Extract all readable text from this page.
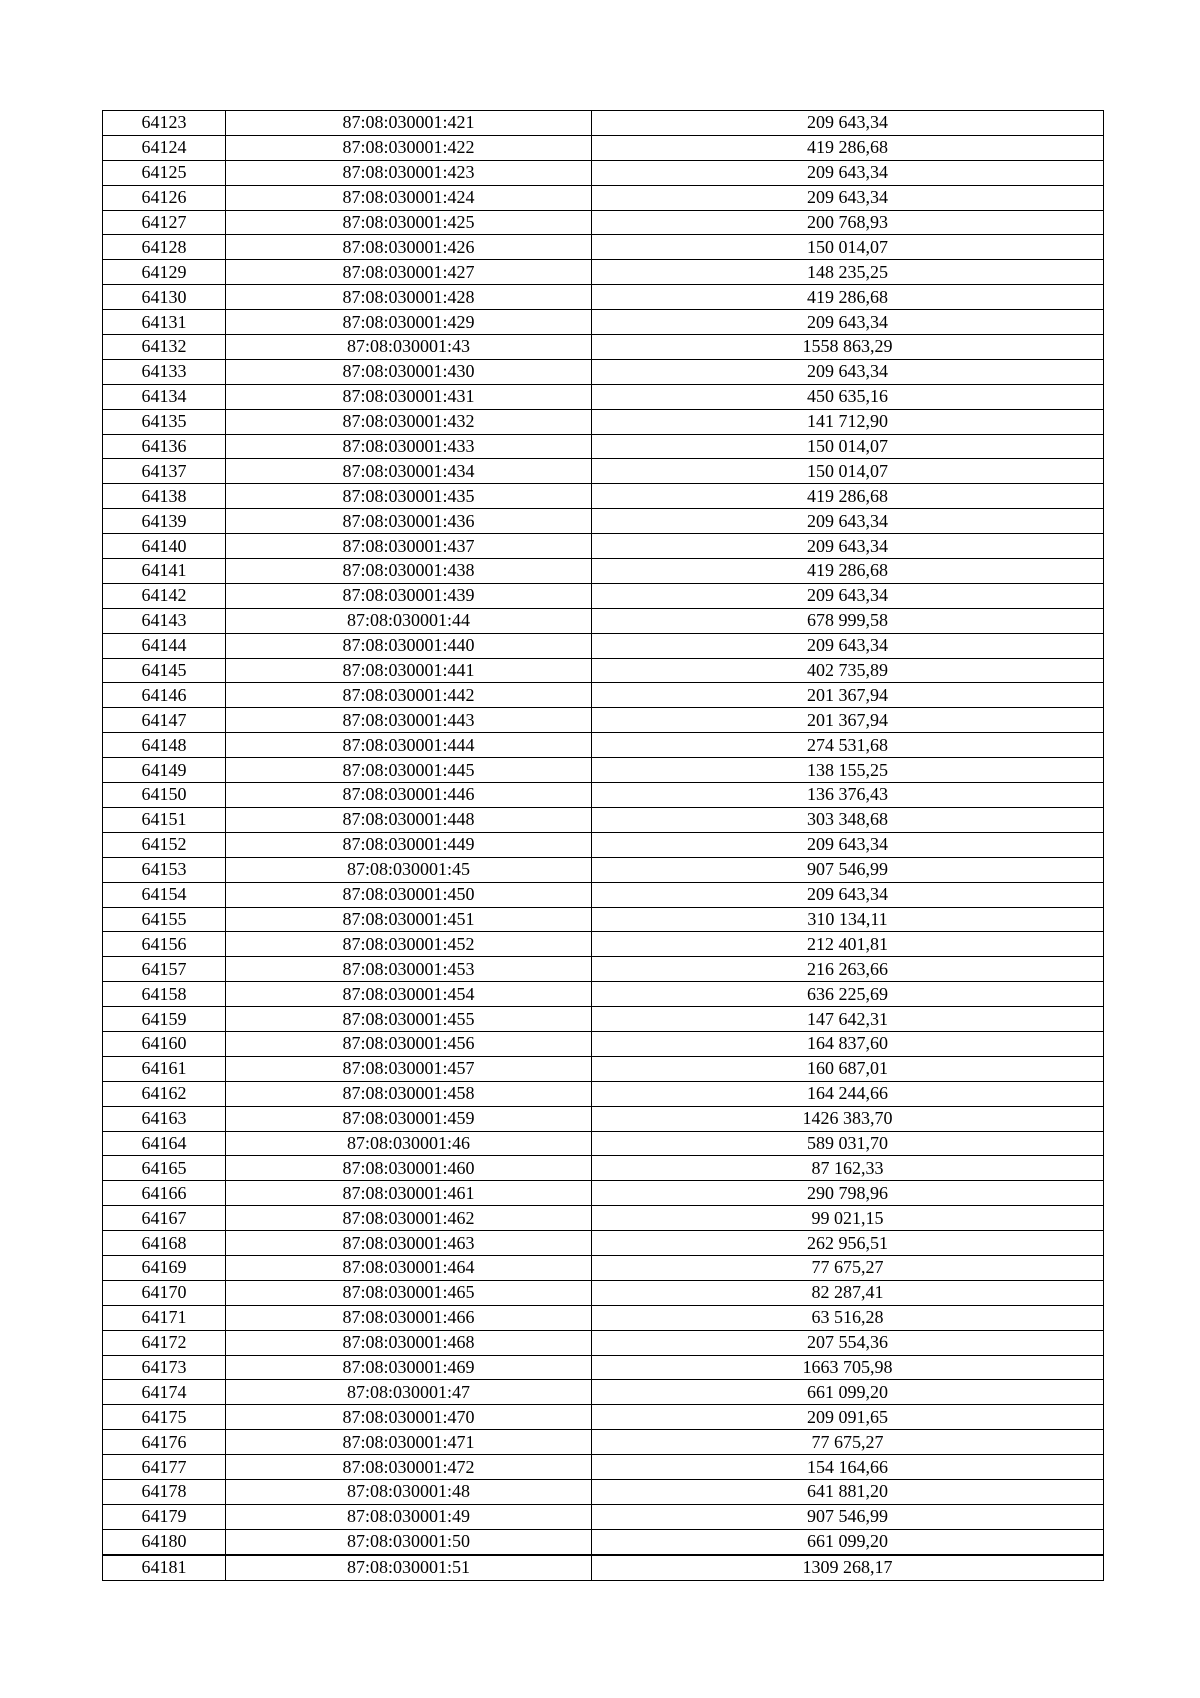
64123	87:08:030001:421	209 643,34
64124	87:08:030001:422	419 286,68
64125	87:08:030001:423	209 643,34
64126	87:08:030001:424	209 643,34
64127	87:08:030001:425	200 768,93
64128	87:08:030001:426	150 014,07
64129	87:08:030001:427	148 235,25
64130	87:08:030001:428	419 286,68
64131	87:08:030001:429	209 643,34
64132	87:08:030001:43	1558 863,29
64133	87:08:030001:430	209 643,34
64134	87:08:030001:431	450 635,16
64135	87:08:030001:432	141 712,90
64136	87:08:030001:433	150 014,07
64137	87:08:030001:434	150 014,07
64138	87:08:030001:435	419 286,68
64139	87:08:030001:436	209 643,34
64140	87:08:030001:437	209 643,34
64141	87:08:030001:438	419 286,68
64142	87:08:030001:439	209 643,34
64143	87:08:030001:44	678 999,58
64144	87:08:030001:440	209 643,34
64145	87:08:030001:441	402 735,89
64146	87:08:030001:442	201 367,94
64147	87:08:030001:443	201 367,94
64148	87:08:030001:444	274 531,68
64149	87:08:030001:445	138 155,25
64150	87:08:030001:446	136 376,43
64151	87:08:030001:448	303 348,68
64152	87:08:030001:449	209 643,34
64153	87:08:030001:45	907 546,99
64154	87:08:030001:450	209 643,34
64155	87:08:030001:451	310 134,11
64156	87:08:030001:452	212 401,81
64157	87:08:030001:453	216 263,66
64158	87:08:030001:454	636 225,69
64159	87:08:030001:455	147 642,31
64160	87:08:030001:456	164 837,60
64161	87:08:030001:457	160 687,01
64162	87:08:030001:458	164 244,66
64163	87:08:030001:459	1426 383,70
64164	87:08:030001:46	589 031,70
64165	87:08:030001:460	87 162,33
64166	87:08:030001:461	290 798,96
64167	87:08:030001:462	99 021,15
64168	87:08:030001:463	262 956,51
64169	87:08:030001:464	77 675,27
64170	87:08:030001:465	82 287,41
64171	87:08:030001:466	63 516,28
64172	87:08:030001:468	207 554,36
64173	87:08:030001:469	1663 705,98
64174	87:08:030001:47	661 099,20
64175	87:08:030001:470	209 091,65
64176	87:08:030001:471	77 675,27
64177	87:08:030001:472	154 164,66
64178	87:08:030001:48	641 881,20
64179	87:08:030001:49	907 546,99
64180	87:08:030001:50	661 099,20
64181	87:08:030001:51	1309 268,17
